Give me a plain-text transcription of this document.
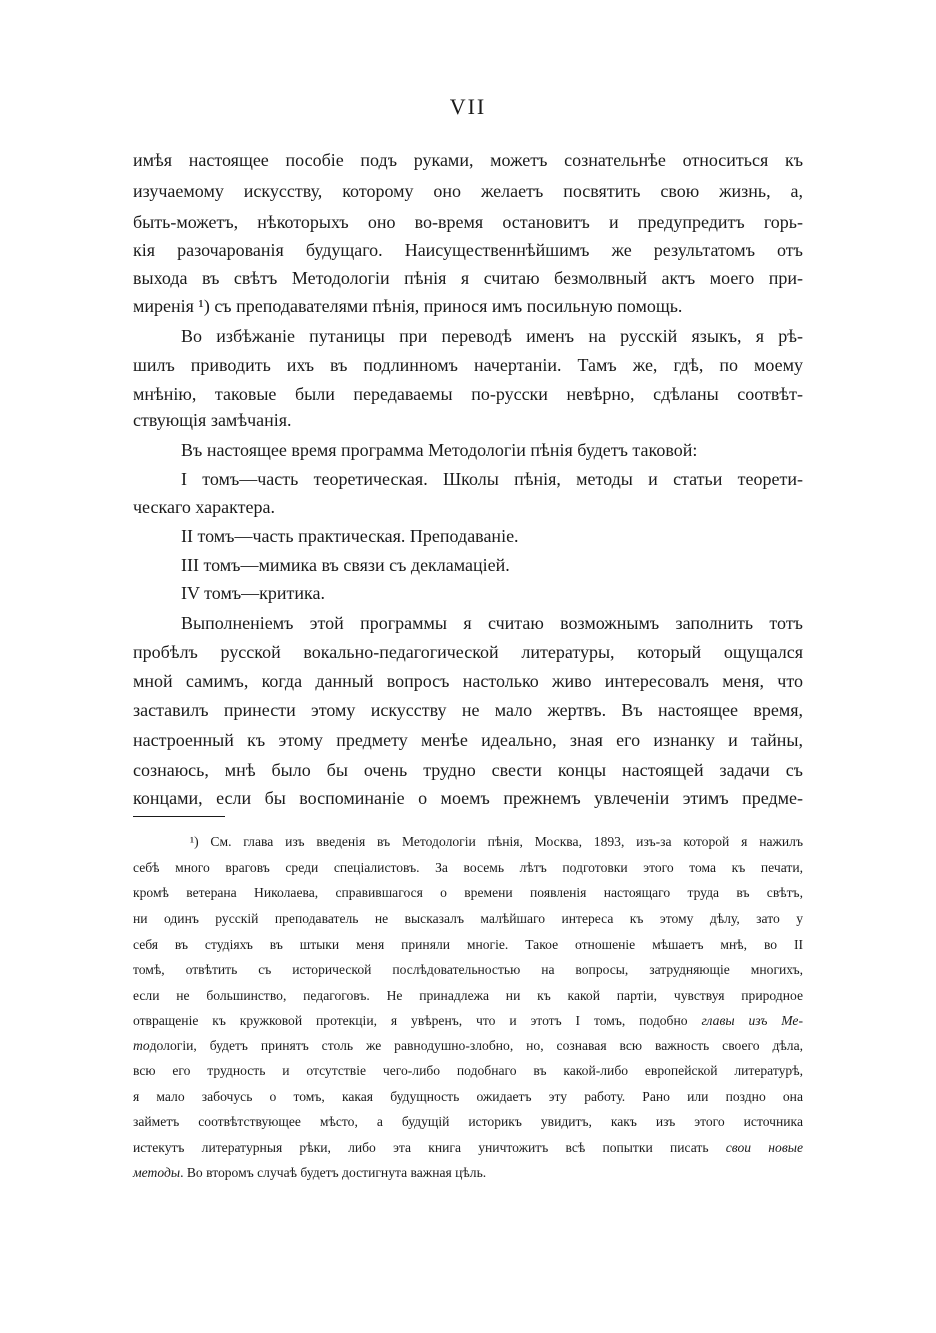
VII
имѣя настоящее пособіе подъ руками, можетъ сознательнѣе относиться къ
изучаемому искусству, которому оно желаетъ посвятить свою жизнь, а,
быть-можетъ, нѣкоторыхъ оно во-время остановитъ и предупредитъ горь-
кія разочарованія будущаго. Наисущественнѣйшимъ же результатомъ отъ
выхода въ свѣтъ Методологіи пѣнія я считаю безмолвный актъ моего при-
миренія ¹) съ преподавателями пѣнія, принося имъ посильную помощь.
Во избѣжаніе путаницы при переводѣ именъ на русскій языкъ, я рѣ-
шилъ приводить ихъ въ подлинномъ начертаніи. Тамъ же, гдѣ, по моему
мнѣнію, таковые были передаваемы по-русски невѣрно, сдѣланы соотвѣт-
ствующія замѣчанія.
Въ настоящее время программа Методологіи пѣнія будетъ таковой:
I томъ—часть теоретическая. Школы пѣнія, методы и статьи теорети-
ческаго характера.
II томъ—часть практическая. Преподаваніе.
III томъ—мимика въ связи съ декламаціей.
IV томъ—критика.
Выполненіемъ этой программы я считаю возможнымъ заполнить тотъ
пробѣлъ русской вокально-педагогической литературы, который ощущался
мной самимъ, когда данный вопросъ настолько живо интересовалъ меня, что
заставилъ принести этому искусству не мало жертвъ. Въ настоящее время,
настроенный къ этому предмету менѣе идеально, зная его изнанку и тайны,
сознаюсь, мнѣ было бы очень трудно свести концы настоящей задачи съ
концами, если бы воспоминаніе о моемъ прежнемъ увлеченіи этимъ предме-
¹) См. глава изъ введенія въ Методологіи пѣнія, Москва, 1893, изъ-за которой я нажилъ
себѣ много враговъ среди спеціалистовъ. За восемь лѣтъ подготовки этого тома къ печати,
кромѣ ветерана Николаева, справившагося о времени появленія настоящаго труда въ свѣтъ,
ни одинъ русскій преподаватель не высказалъ малѣйшаго интереса къ этому дѣлу, зато у
себя въ студіяхъ въ штыки меня приняли многіе. Такое отношеніе мѣшаетъ мнѣ, во II
томѣ, отвѣтить съ исторической послѣдовательностью на вопросы, затрудняющіе многихъ,
если не большинство, педагоговъ. Не принадлежа ни къ какой партіи, чувствуя природное
отвращеніе къ кружковой протекціи, я увѣренъ, что и этотъ I томъ, подобно главы изъ Ме-
тодологіи, будетъ принятъ столь же равнодушно-злобно, но, сознавая всю важность своего дѣла,
всю его трудность и отсутствіе чего-либо подобнаго въ какой-либо европейской литературѣ,
я мало забочусь о томъ, какая будущность ожидаетъ эту работу. Рано или поздно она
займетъ соотвѣтствующее мѣсто, а будущій историкъ увидитъ, какъ изъ этого источника
истекутъ литературныя рѣки, либо эта книга уничтожитъ всѣ попытки писать свои новые
методы. Во второмъ случаѣ будетъ достигнута важная цѣль.
